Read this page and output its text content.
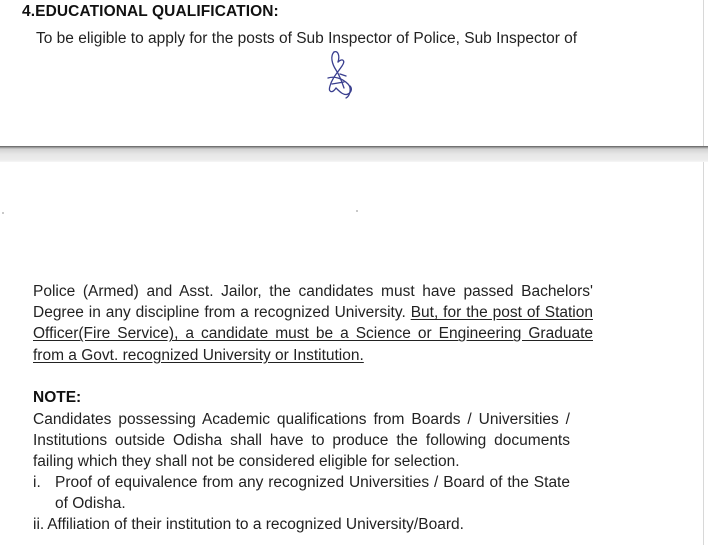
4.EDUCATIONAL QUALIFICATION:
To be eligible to apply for the posts of Sub Inspector of Police, Sub Inspector of
Police (Armed) and Asst. Jailor, the candidates must have passed Bachelors' Degree in any discipline from a recognized University. But, for the post of Station Officer(Fire Service), a candidate must be a Science or Engineering Graduate from a Govt. recognized University or Institution.
NOTE:
Candidates possessing Academic qualifications from Boards / Universities / Institutions outside Odisha shall have to produce the following documents failing which they shall not be considered eligible for selection.
i. Proof of equivalence from any recognized Universities / Board of the State of Odisha.
ii. Affiliation of their institution to a recognized University/Board.
